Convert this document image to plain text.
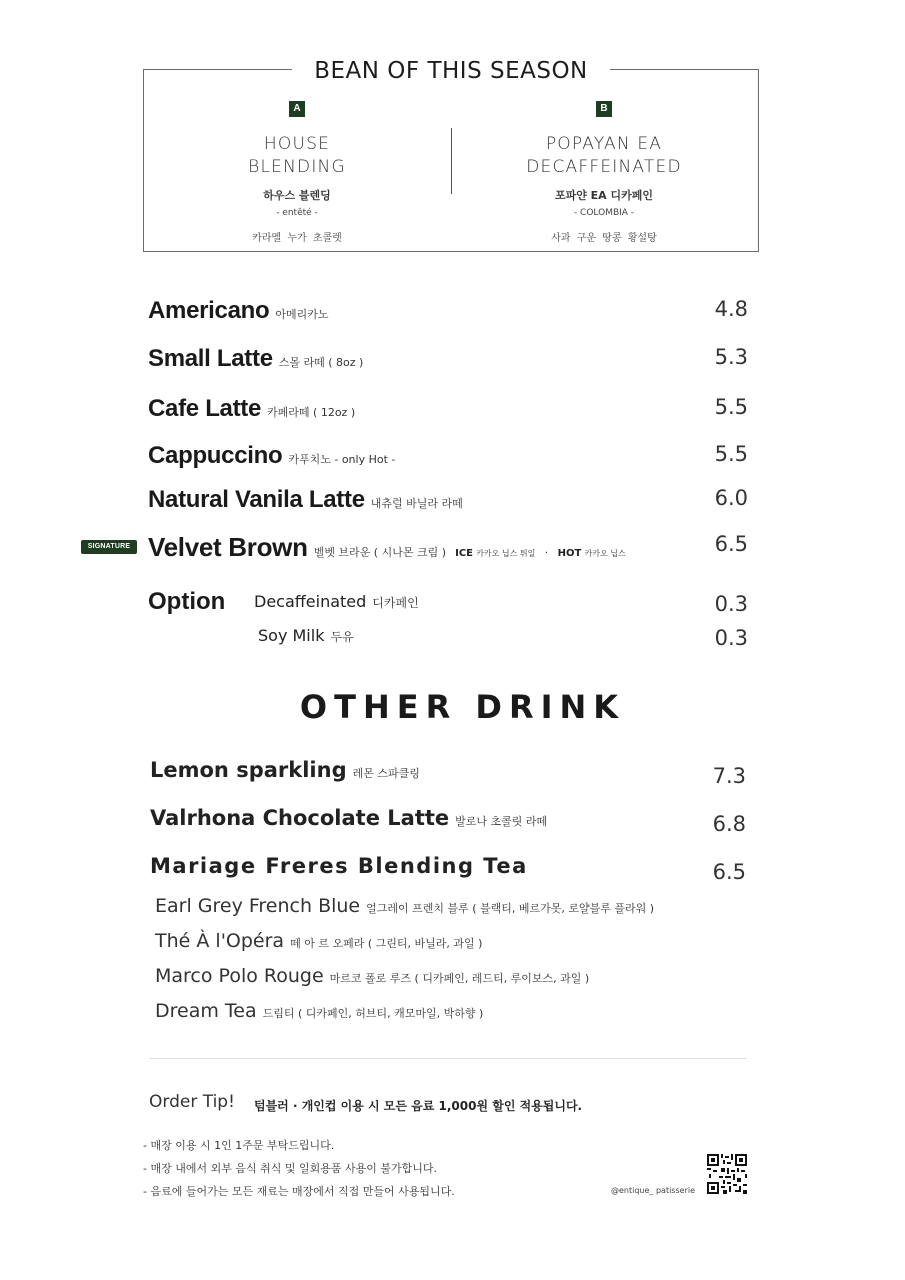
BEAN OF THIS SEASON
A
HOUSE
BLENDING
하우스 블렌딩
- entêté -
카라멜 누가 초콜렛
B
POPAYAN EA
DECAFFEINATED
포파얀 EA 디카페인
- COLOMBIA -
사과 구운 땅콩 황설탕
Americano 아메리카노	4.8
Small Latte 스몰 라떼 ( 8oz )	5.3
Cafe Latte 카페라떼 ( 12oz )	5.5
Cappuccino 카푸치노 - only Hot -	5.5
Natural Vanila Latte 내츄럴 바닐라 라떼	6.0
SIGNATURE Velvet Brown 벨벳 브라운 ( 시나몬 크림 ) ICE 카카오 닙스 튀일 · HOT 카카오 닙스	6.5
Option Decaffeinated 디카페인	0.3
Soy Milk 두유	0.3
OTHER DRINK
Lemon sparkling 레몬 스파클링	7.3
Valrhona Chocolate Latte 발로나 초콜릿 라떼	6.8
Mariage Freres Blending Tea	6.5
Earl Grey French Blue 얼그레이 프렌치 블루 ( 블랙티, 베르가못, 로얄블루 플라워 )
Thé À l'Opéra 떼 아 르 오페라 ( 그린티, 바닐라, 과일 )
Marco Polo Rouge 마르코 폴로 루즈 ( 디카페인, 레드티, 루이보스, 과일 )
Dream Tea 드림티 ( 디카페인, 허브티, 캐모마일, 박하향 )
Order Tip! 텀블러 · 개인컵 이용 시 모든 음료 1,000원 할인 적용됩니다.
- 매장 이용 시 1인 1주문 부탁드립니다.
- 매장 내에서 외부 음식 취식 및 일회용품 사용이 불가합니다.
- 음료에 들어가는 모든 재료는 매장에서 직접 만들어 사용됩니다.	@entique_ patisserie
